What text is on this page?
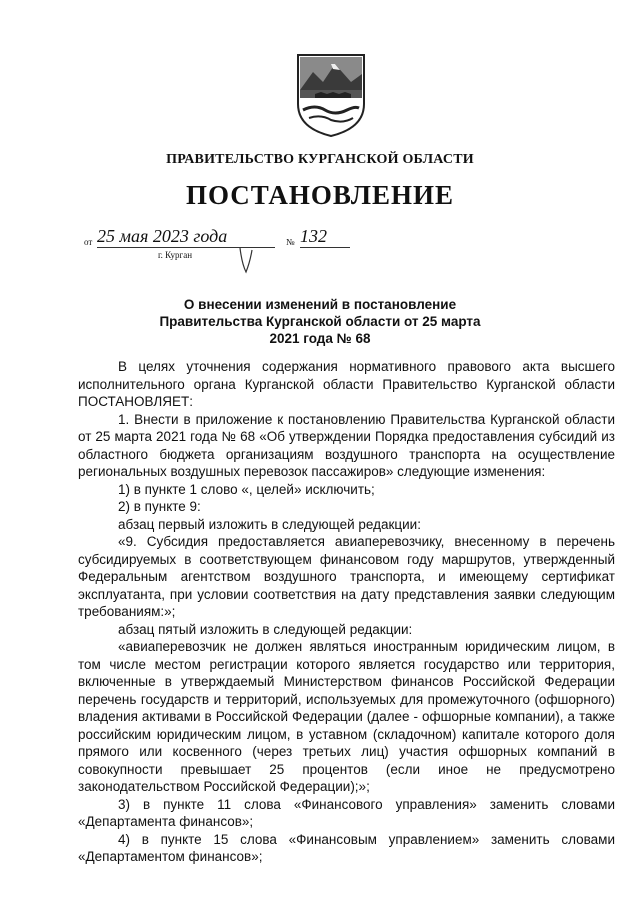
ПРАВИТЕЛЬСТВО КУРГАНСКОЙ ОБЛАСТИ
ПОСТАНОВЛЕНИЕ
от 25 мая 2023 года	№ 132
г. Курган
О внесении изменений в постановление Правительства Курганской области от 25 марта 2021 года № 68

В целях уточнения содержания нормативного правового акта высшего исполнительного органа Курганской области Правительство Курганской области ПОСТАНОВЛЯЕТ:

1. Внести в приложение к постановлению Правительства Курганской области от 25 марта 2021 года № 68 «Об утверждении Порядка предоставления субсидий из областного бюджета организациям воздушного транспорта на осуществление региональных воздушных перевозок пассажиров» следующие изменения:

1) в пункте 1 слово «, целей» исключить;

2) в пункте 9:

абзац первый изложить в следующей редакции:

«9. Субсидия предоставляется авиаперевозчику, внесенному в перечень субсидируемых в соответствующем финансовом году маршрутов, утвержденный Федеральным агентством воздушного транспорта, и имеющему сертификат эксплуатанта, при условии соответствия на дату представления заявки следующим требованиям:»;

абзац пятый изложить в следующей редакции:

«авиаперевозчик не должен являться иностранным юридическим лицом, в том числе местом регистрации которого является государство или территория, включенные в утверждаемый Министерством финансов Российской Федерации перечень государств и территорий, используемых для промежуточного (офшорного) владения активами в Российской Федерации (далее - офшорные компании), а также российским юридическим лицом, в уставном (складочном) капитале которого доля прямого или косвенного (через третьих лиц) участия офшорных компаний в совокупности превышает 25 процентов (если иное не предусмотрено законодательством Российской Федерации);»;

3) в пункте 11 слова «Финансового управления» заменить словами «Департамента финансов»;

4) в пункте 15 слова «Финансовым управлением» заменить словами «Департаментом финансов»;
